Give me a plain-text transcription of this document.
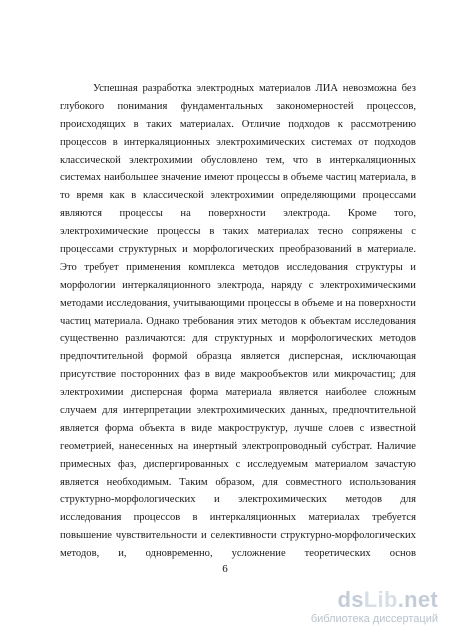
Успешная разработка электродных материалов ЛИА невозможна без
глубокого понимания фундаментальных закономерностей процессов,
происходящих в таких материалах. Отличие подходов к рассмотрению
процессов в интеркаляционных электрохимических системах от подходов
классической электрохимии обусловлено тем, что в интеркаляционных
системах наибольшее значение имеют процессы в объеме частиц материала, в
то время как в классической электрохимии определяющими процессами
являются процессы на поверхности электрода. Кроме того,
электрохимические процессы в таких материалах тесно сопряжены с
процессами структурных и морфологических преобразований в материале.
Это требует применения комплекса методов исследования структуры и
морфологии интеркаляционного электрода, наряду с электрохимическими
методами исследования, учитывающими процессы в объеме и на поверхности
частиц материала. Однако требования этих методов к объектам исследования
существенно различаются: для структурных и морфологических методов
предпочтительной формой образца является дисперсная, исключающая
присутствие посторонних фаз в виде макрообъектов или микрочастиц; для
электрохимии дисперсная форма материала является наиболее сложным
случаем для интерпретации электрохимических данных, предпочтительной
является форма объекта в виде макроструктур, лучше слоев с известной
геометрией, нанесенных на инертный электропроводный субстрат. Наличие
примесных фаз, диспергированных с исследуемым материалом зачастую
является необходимым. Таким образом, для совместного использования
структурно-морфологических и электрохимических методов для
исследования процессов в интеркаляционных материалах требуется
повышение чувствительности и селективности структурно-морфологических
методов, и, одновременно, усложнение теоретических основ
6
dsLib.net
библиотека диссертаций
